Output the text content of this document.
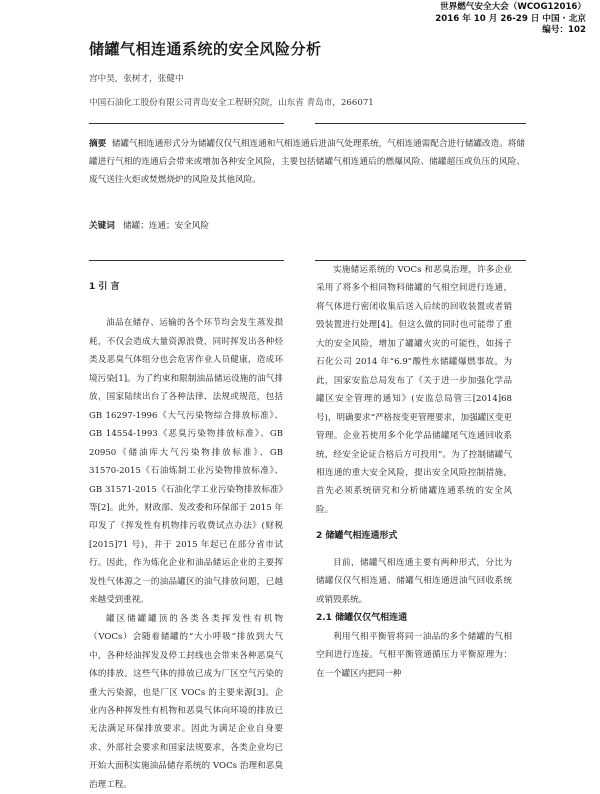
世界燃气安全大会（WCOG12016）
2016 年 10 月 26-29 日 中国 · 北京
编号：102
储罐气相连通系统的安全风险分析
宫中昊，张树才，张健中
中国石油化工股份有限公司青岛安全工程研究院，山东省 青岛市，266071
摘要 储罐气相连通形式分为储罐仅仅气相连通和气相连通后进油气处理系统，气相连通需配合进行储罐改造。将储罐进行气相的连通后会带来或增加各种安全风险，主要包括储罐气相连通后的燃爆风险、储罐超压或负压的风险、废气送往火炬或焚燃烧炉的风险及其他风险。
关键词 储罐；连通；安全风险
1 引 言

油品在储存、运输的各个环节均会发生蒸发损耗，不仅会造成大量资源浪费，同时挥发出各种烃类及恶臭气体组分也会危害作业人员健康，造成环境污染[1]。为了约束和限制油品储运设施的油气排放，国家陆续出台了各种法律、法规或规范，包括 GB 16297-1996《大气污染物综合排放标准》、GB 14554-1993《恶臭污染物排放标准》、GB 20950《储油库大气污染物排放标准》、GB 31570-2015《石油炼制工业污染物排放标准》、GB 31571-2015《石油化学工业污染物排放标准》等[2]。此外，财政部、发改委和环保部于 2015 年印发了《挥发性有机物排污收费试点办法》(财税[2015]71 号)，并于 2015 年起已在部分省市试行。因此，作为炼化企业和油品储运企业的主要挥发性气体源之一的油品罐区的油气排放问题，已越来越受到重视。

罐区储罐罐顶的各类各类挥发性有机物（VOCs）会随着储罐的“大小呼吸”排放到大气中，各种烃油挥发及停工封线也会带来各种恶臭气体的排放。这些气体的排放已成为厂区空气污染的重大污染源，也是厂区 VOCs 的主要来源[3]。企业内各种挥发性有机物和恶臭气体向环境的排放已无法满足环保排放要求。因此为满足企业自身要求、外部社会要求和国家法规要求，各类企业均已开始大面积实施油品储存系统的 VOCs 治理和恶臭治理工程。

实施储运系统的 VOCs 和恶臭治理，许多企业采用了将多个相同物料储罐的气相空间进行连通，将气体进行密闭收集后送入后续的回收装置或者销毁装置进行处理[4]。但这么做的同时也可能带了重大的安全风险，增加了罐罐火灾的可能性，如扬子石化公司 2014 年“6.9”酸性水储罐爆燃事故。为此，国家安监总局发布了《关于进一步加强化学品罐区安全管理的通知》(安监总局管三[2014]68 号)，明确要求“严格按变更管理要求，加强罐区变更管理。企业若使用多个化学品储罐尾气连通回收系统，经安全论证合格后方可投用”。为了控制储罐气相连通的重大安全风险，提出安全风险控制措施，首先必须系统研究和分析储罐连通系统的安全风险。

2 储罐气相连通形式

目前，储罐气相连通主要有两种形式，分比为储罐仅仅气相连通、储罐气相连通进油气回收系统或销毁系统。

2.1 储罐仅仅气相连通

利用气相平衡管将同一油品的多个储罐的气相空间进行连接。气相平衡管通循压力平衡原理为：在一个罐区内把同一种
